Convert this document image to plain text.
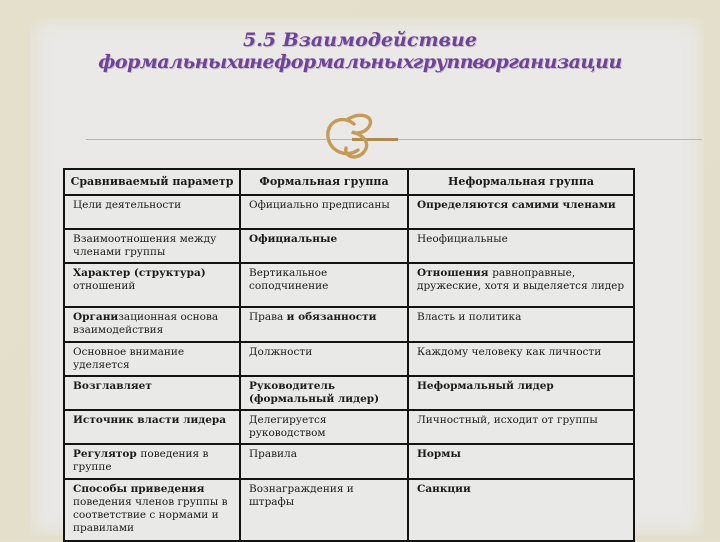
5.5 Взаимодействие
формальных и неформальных групп в организации
Сравниваемый параметр	Формальная группа	Неформальная группа
Цели деятельности	Официально предписаны	Определяются самими членами
Взаимоотношения между членами группы	Официальные	Неофициальные
Характер (структура) отношений	Вертикальное соподчинение	Отношения равноправные, дружеские, хотя и выделяется лидер
Организационная основа взаимодействия	Права и обязанности	Власть и политика
Основное внимание уделяется	Должности	Каждому человеку как личности
Возглавляет	Руководитель (формальный лидер)	Неформальный лидер
Источник власти лидера	Делегируется руководством	Личностный, исходит от группы
Регулятор поведения в группе	Правила	Нормы
Способы приведения поведения членов группы в соответствие с нормами и правилами	Вознаграждения и штрафы	Санкции
